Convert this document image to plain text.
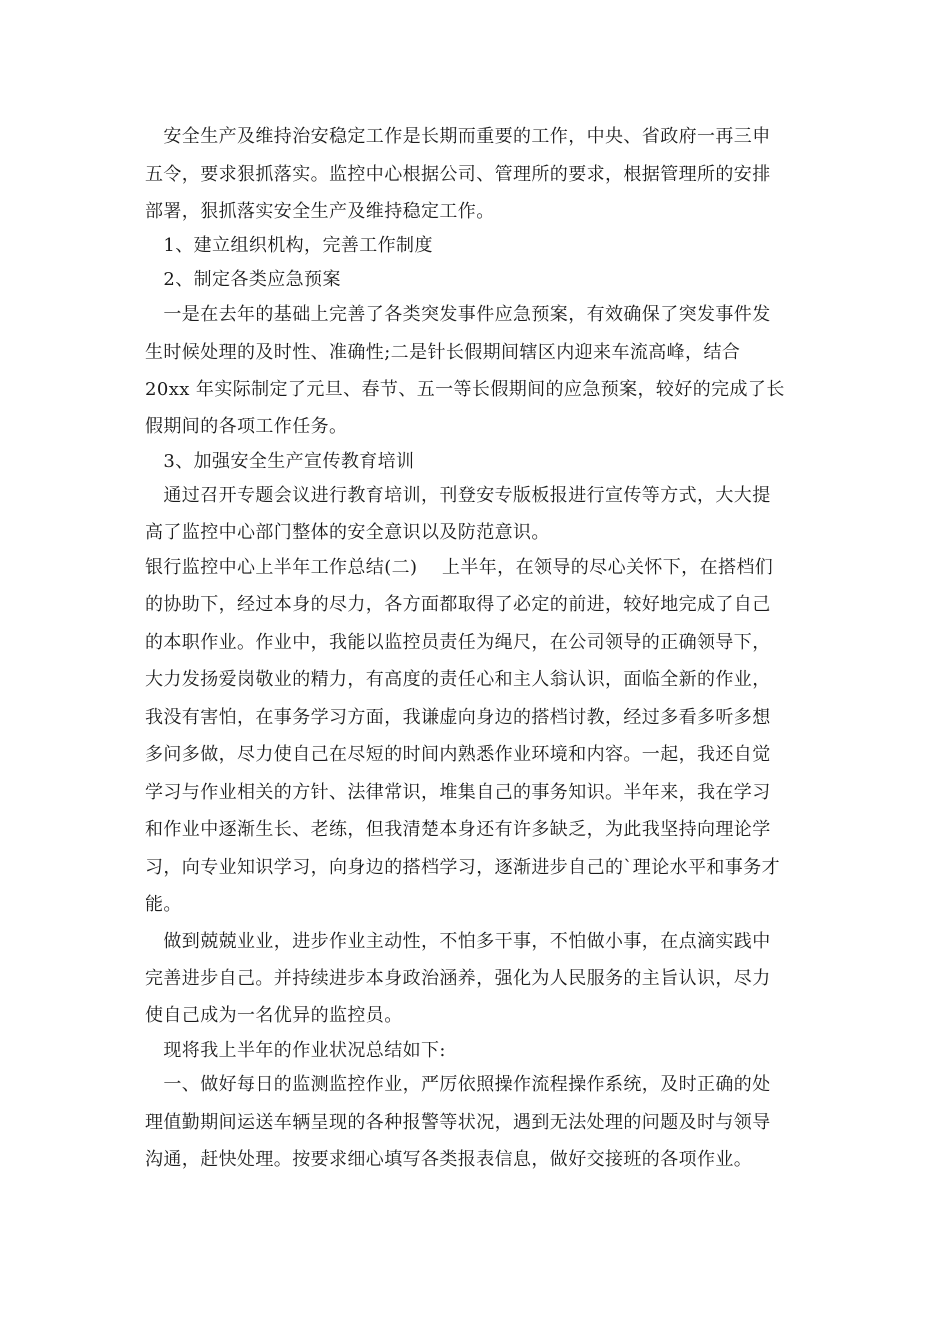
　安全生产及维持治安稳定工作是长期而重要的工作，中央、省政府一再三申
五令，要求狠抓落实。监控中心根据公司、管理所的要求，根据管理所的安排
部署，狠抓落实安全生产及维持稳定工作。
　1、建立组织机构，完善工作制度
　2、制定各类应急预案
　一是在去年的基础上完善了各类突发事件应急预案，有效确保了突发事件发
生时候处理的及时性、准确性;二是针长假期间辖区内迎来车流高峰，结合
20xx 年实际制定了元旦、春节、五一等长假期间的应急预案，较好的完成了长
假期间的各项工作任务。
　3、加强安全生产宣传教育培训
　通过召开专题会议进行教育培训，刊登安专版板报进行宣传等方式，大大提
高了监控中心部门整体的安全意识以及防范意识。
银行监控中心上半年工作总结(二)　 上半年，在领导的尽心关怀下，在搭档们
的协助下，经过本身的尽力，各方面都取得了必定的前进，较好地完成了自己
的本职作业。作业中，我能以监控员责任为绳尺，在公司领导的正确领导下，
大力发扬爱岗敬业的精力，有高度的责任心和主人翁认识，面临全新的作业，
我没有害怕，在事务学习方面，我谦虚向身边的搭档讨教，经过多看多听多想
多问多做，尽力使自己在尽短的时间内熟悉作业环境和内容。一起，我还自觉
学习与作业相关的方针、法律常识，堆集自己的事务知识。半年来，我在学习
和作业中逐渐生长、老练，但我清楚本身还有许多缺乏，为此我坚持向理论学
习，向专业知识学习，向身边的搭档学习，逐渐进步自己的`理论水平和事务才
能。
　做到兢兢业业，进步作业主动性，不怕多干事，不怕做小事，在点滴实践中
完善进步自己。并持续进步本身政治涵养，强化为人民服务的主旨认识，尽力
使自己成为一名优异的监控员。
　现将我上半年的作业状况总结如下:
　一、做好每日的监测监控作业，严厉依照操作流程操作系统，及时正确的处
理值勤期间运送车辆呈现的各种报警等状况，遇到无法处理的问题及时与领导
沟通，赶快处理。按要求细心填写各类报表信息，做好交接班的各项作业。
